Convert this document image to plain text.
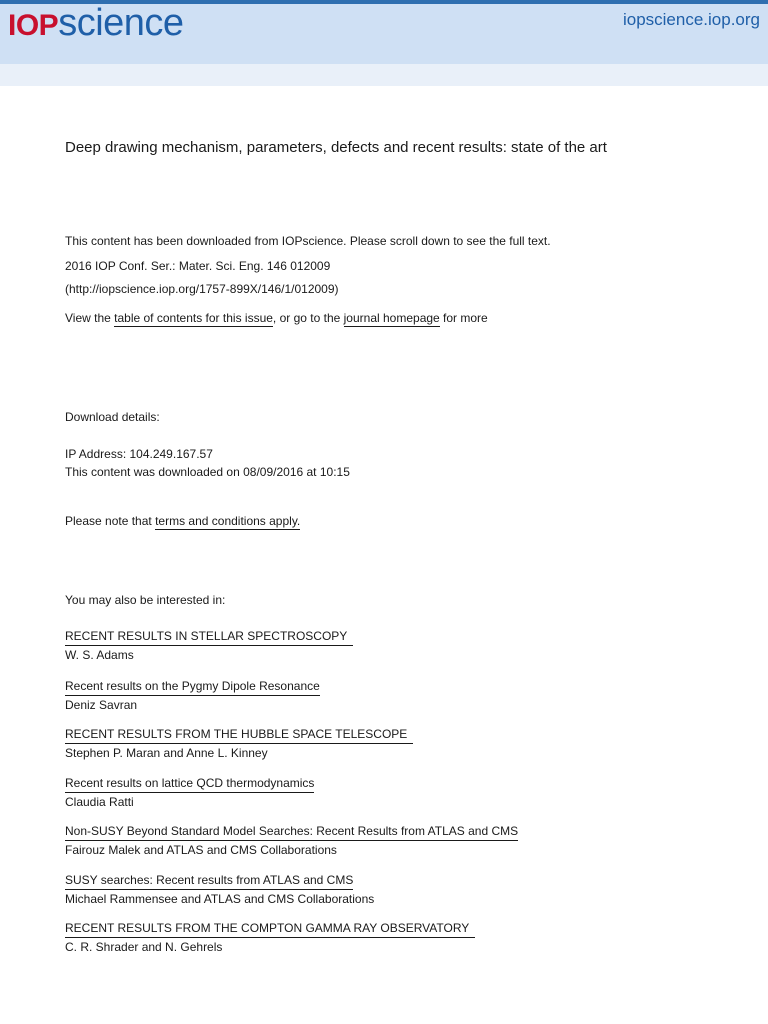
IOPscience	iopscience.iop.org
Deep drawing mechanism, parameters, defects and recent results: state of the art
This content has been downloaded from IOPscience. Please scroll down to see the full text.
2016 IOP Conf. Ser.: Mater. Sci. Eng. 146 012009
(http://iopscience.iop.org/1757-899X/146/1/012009)
View the table of contents for this issue, or go to the journal homepage for more
Download details:
IP Address: 104.249.167.57
This content was downloaded on 08/09/2016 at 10:15
Please note that terms and conditions apply.
You may also be interested in:
RECENT RESULTS IN STELLAR SPECTROSCOPY
W. S. Adams
Recent results on the Pygmy Dipole Resonance
Deniz Savran
RECENT RESULTS FROM THE HUBBLE SPACE TELESCOPE
Stephen P. Maran and Anne L. Kinney
Recent results on lattice QCD thermodynamics
Claudia Ratti
Non-SUSY Beyond Standard Model Searches: Recent Results from ATLAS and CMS
Fairouz Malek and ATLAS and CMS Collaborations
SUSY searches: Recent results from ATLAS and CMS
Michael Rammensee and ATLAS and CMS Collaborations
RECENT RESULTS FROM THE COMPTON GAMMA RAY OBSERVATORY
C. R. Shrader and N. Gehrels
